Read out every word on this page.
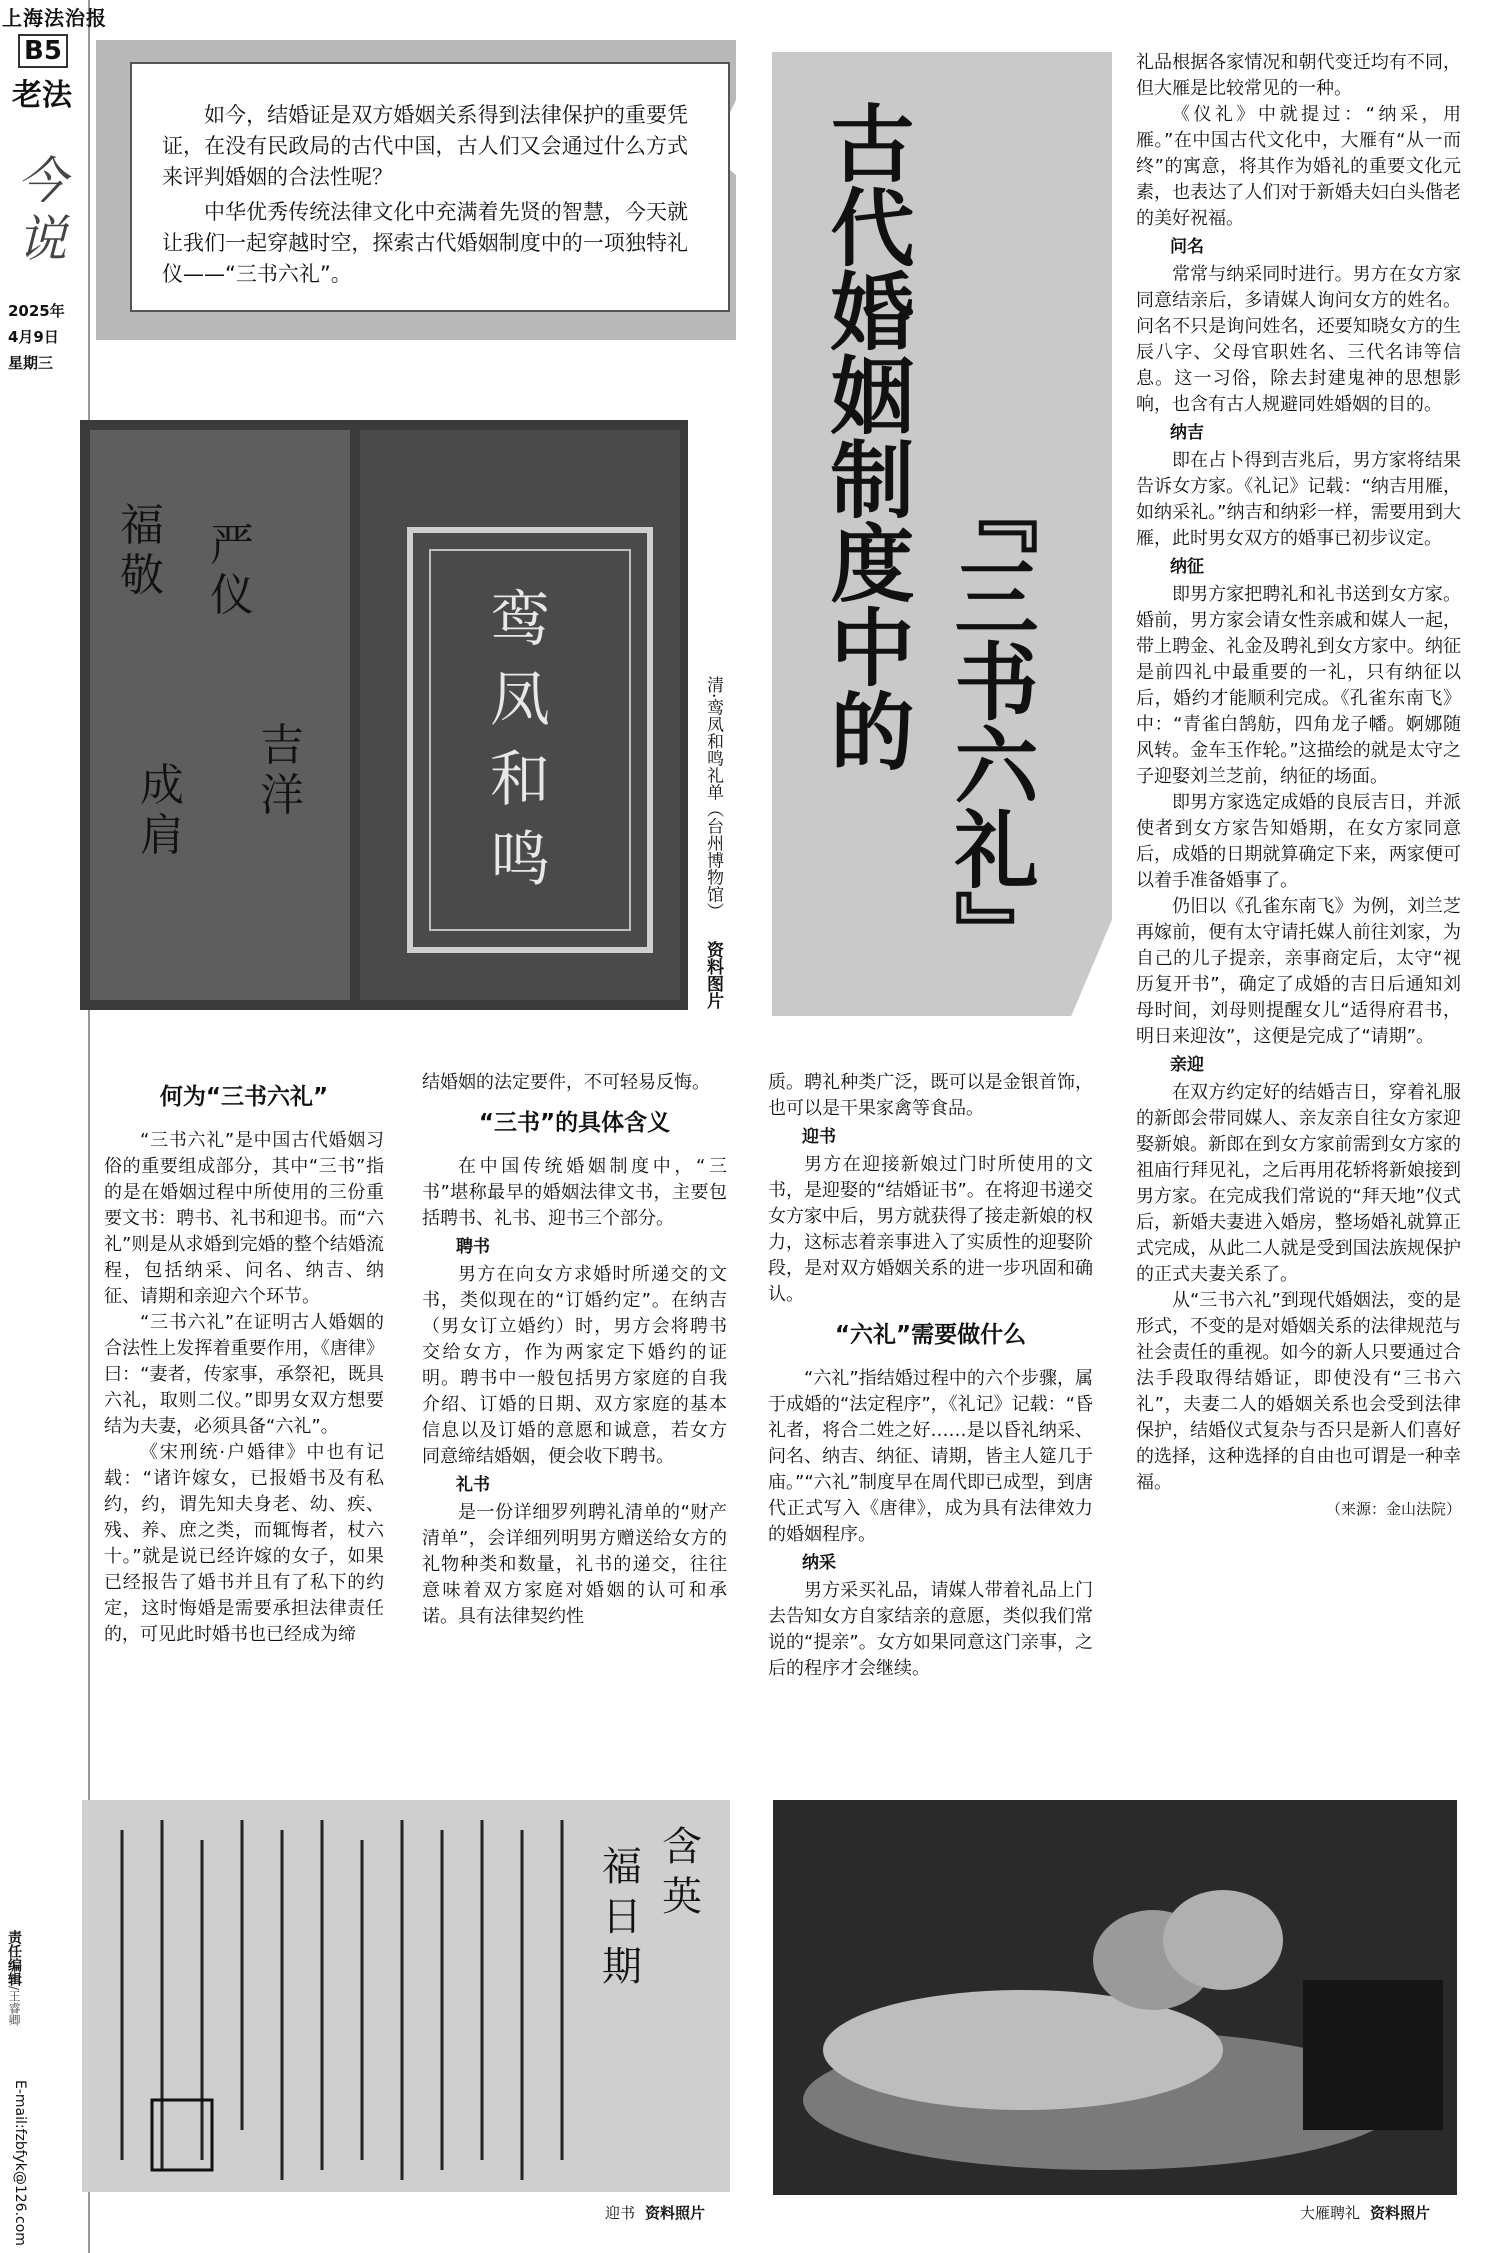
上海法治报
B5
老法
今说
2025年
4月9日
星期三
责任编辑/王睿卿
E-mail:fzbfyk@126.com

如今，结婚证是双方婚姻关系得到法律保护的重要凭证，在没有民政局的古代中国，古人们又会通过什么方式来评判婚姻的合法性呢？

中华优秀传统法律文化中充满着先贤的智慧，今天就让我们一起穿越时空，探索古代婚姻制度中的一项独特礼仪——“三书六礼”。

鸾
凤
和
鸣
福
敬
严
仪
吉
洋
成
肩	清·鸾凤和鸣礼单（台州博物馆） 资料图片
古代婚姻制度中的 『三书六礼』
何为“三书六礼”

“三书六礼”是中国古代婚姻习俗的重要组成部分，其中“三书”指的是在婚姻过程中所使用的三份重要文书：聘书、礼书和迎书。而“六礼”则是从求婚到完婚的整个结婚流程，包括纳采、问名、纳吉、纳征、请期和亲迎六个环节。

“三书六礼”在证明古人婚姻的合法性上发挥着重要作用，《唐律》曰：“妻者，传家事，承祭祀，既具六礼，取则二仪。”即男女双方想要结为夫妻，必须具备“六礼”。

《宋刑统·户婚律》中也有记载：“诸许嫁女，已报婚书及有私约，约，谓先知夫身老、幼、疾、残、养、庶之类，而辄悔者，杖六十。”就是说已经许嫁的女子，如果已经报告了婚书并且有了私下的约定，这时悔婚是需要承担法律责任的，可见此时婚书也已经成为缔

结婚姻的法定要件，不可轻易反悔。

“三书”的具体含义

在中国传统婚姻制度中，“三书”堪称最早的婚姻法律文书，主要包括聘书、礼书、迎书三个部分。

聘书

男方在向女方求婚时所递交的文书，类似现在的“订婚约定”。在纳吉（男女订立婚约）时，男方会将聘书交给女方，作为两家定下婚约的证明。聘书中一般包括男方家庭的自我介绍、订婚的日期、双方家庭的基本信息以及订婚的意愿和诚意，若女方同意缔结婚姻，便会收下聘书。

礼书

是一份详细罗列聘礼清单的“财产清单”，会详细列明男方赠送给女方的礼物种类和数量，礼书的递交，往往意味着双方家庭对婚姻的认可和承诺。具有法律契约性

质。聘礼种类广泛，既可以是金银首饰，也可以是干果家禽等食品。

迎书

男方在迎接新娘过门时所使用的文书，是迎娶的“结婚证书”。在将迎书递交女方家中后，男方就获得了接走新娘的权力，这标志着亲事进入了实质性的迎娶阶段，是对双方婚姻关系的进一步巩固和确认。

“六礼”需要做什么

“六礼”指结婚过程中的六个步骤，属于成婚的“法定程序”，《礼记》记载：“昏礼者，将合二姓之好……是以昏礼纳采、问名、纳吉、纳征、请期，皆主人筵几于庙。”“六礼”制度早在周代即已成型，到唐代正式写入《唐律》，成为具有法律效力的婚姻程序。

纳采

男方采买礼品，请媒人带着礼品上门去告知女方自家结亲的意愿，类似我们常说的“提亲”。女方如果同意这门亲事，之后的程序才会继续。

礼品根据各家情况和朝代变迁均有不同，但大雁是比较常见的一种。

《仪礼》中就提过：“纳采，用雁。”在中国古代文化中，大雁有“从一而终”的寓意，将其作为婚礼的重要文化元素，也表达了人们对于新婚夫妇白头偕老的美好祝福。

问名

常常与纳采同时进行。男方在女方家同意结亲后，多请媒人询问女方的姓名。问名不只是询问姓名，还要知晓女方的生辰八字、父母官职姓名、三代名讳等信息。这一习俗，除去封建鬼神的思想影响，也含有古人规避同姓婚姻的目的。

纳吉

即在占卜得到吉兆后，男方家将结果告诉女方家。《礼记》记载：“纳吉用雁，如纳采礼。”纳吉和纳彩一样，需要用到大雁，此时男女双方的婚事已初步议定。

纳征

即男方家把聘礼和礼书送到女方家。婚前，男方家会请女性亲戚和媒人一起，带上聘金、礼金及聘礼到女方家中。纳征是前四礼中最重要的一礼，只有纳征以后，婚约才能顺利完成。《孔雀东南飞》中：“青雀白鹄舫，四角龙子幡。婀娜随风转。金车玉作轮。”这描绘的就是太守之子迎娶刘兰芝前，纳征的场面。

即男方家选定成婚的良辰吉日，并派使者到女方家告知婚期，在女方家同意后，成婚的日期就算确定下来，两家便可以着手准备婚事了。

仍旧以《孔雀东南飞》为例，刘兰芝再嫁前，便有太守请托媒人前往刘家，为自己的儿子提亲，亲事商定后，太守“视历复开书”，确定了成婚的吉日后通知刘母时间，刘母则提醒女儿“适得府君书，明日来迎汝”，这便是完成了“请期”。

亲迎

在双方约定好的结婚吉日，穿着礼服的新郎会带同媒人、亲友亲自往女方家迎娶新娘。新郎在到女方家前需到女方家的祖庙行拜见礼，之后再用花轿将新娘接到男方家。在完成我们常说的“拜天地”仪式后，新婚夫妻进入婚房，整场婚礼就算正式完成，从此二人就是受到国法族规保护的正式夫妻关系了。

从“三书六礼”到现代婚姻法，变的是形式，不变的是对婚姻关系的法律规范与社会责任的重视。如今的新人只要通过合法手段取得结婚证，即使没有“三书六礼”，夫妻二人的婚姻关系也会受到法律保护，结婚仪式复杂与否只是新人们喜好的选择，这种选择的自由也可谓是一种幸福。

（来源：金山法院）
福
日
期
含
英
迎书 资料照片	大雁聘礼 资料照片
